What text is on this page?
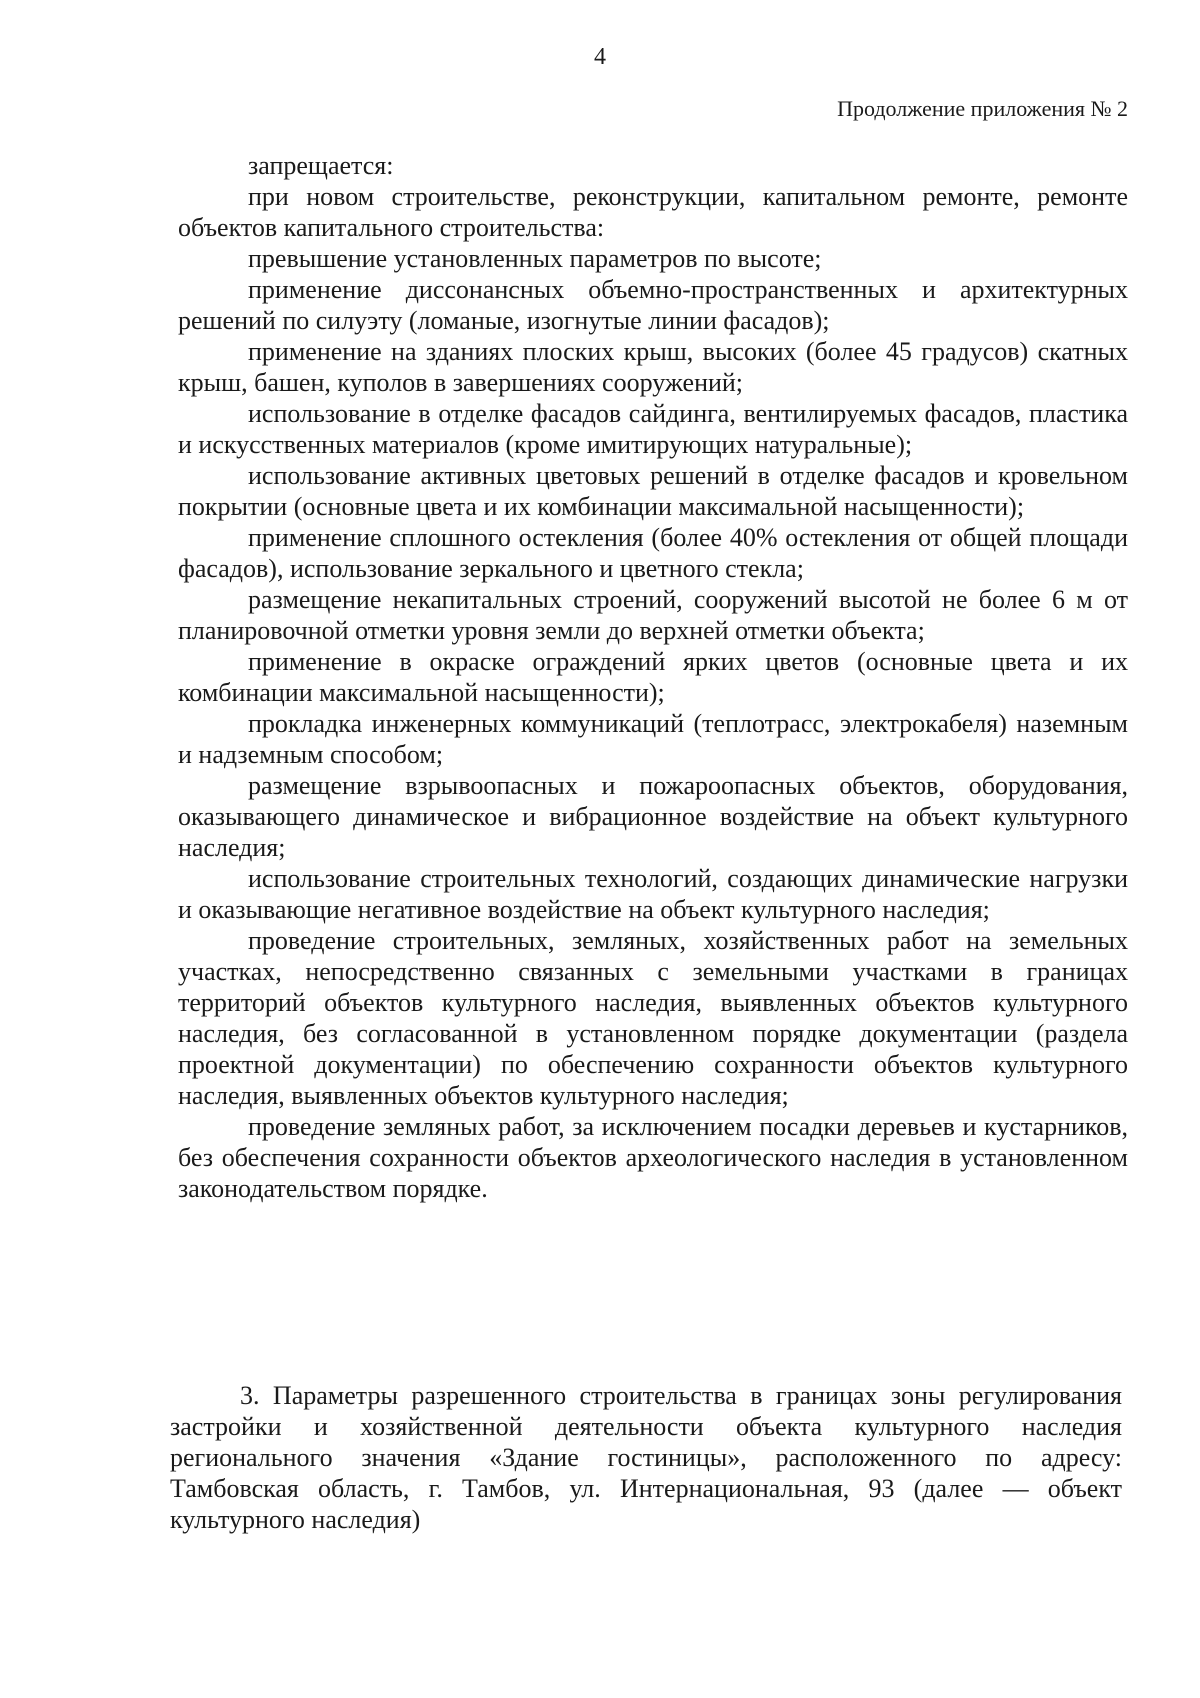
4
Продолжение приложения № 2

запрещается:

при новом строительстве, реконструкции, капитальном ремонте, ремонте объектов капитального строительства:

превышение установленных параметров по высоте;

применение диссонансных объемно-пространственных и архитектурных решений по силуэту (ломаные, изогнутые линии фасадов);

применение на зданиях плоских крыш, высоких (более 45 градусов) скатных крыш, башен, куполов в завершениях сооружений;

использование в отделке фасадов сайдинга, вентилируемых фасадов, пластика и искусственных материалов (кроме имитирующих натуральные);

использование активных цветовых решений в отделке фасадов и кровельном покрытии (основные цвета и их комбинации максимальной насыщенности);

применение сплошного остекления (более 40% остекления от общей площади фасадов), использование зеркального и цветного стекла;

размещение некапитальных строений, сооружений высотой не более 6 м от планировочной отметки уровня земли до верхней отметки объекта;

применение в окраске ограждений ярких цветов (основные цвета и их комбинации максимальной насыщенности);

прокладка инженерных коммуникаций (теплотрасс, электрокабеля) наземным и надземным способом;

размещение взрывоопасных и пожароопасных объектов, оборудования, оказывающего динамическое и вибрационное воздействие на объект культурного наследия;

использование строительных технологий, создающих динамические нагрузки и оказывающие негативное воздействие на объект культурного наследия;

проведение строительных, земляных, хозяйственных работ на земельных участках, непосредственно связанных с земельными участками в границах территорий объектов культурного наследия, выявленных объектов культурного наследия, без согласованной в установленном порядке документации (раздела проектной документации) по обеспечению сохранности объектов культурного наследия, выявленных объектов культурного наследия;

проведение земляных работ, за исключением посадки деревьев и кустарников, без обеспечения сохранности объектов археологического наследия в установленном законодательством порядке.

3. Параметры разрешенного строительства в границах зоны регулирования застройки и хозяйственной деятельности объекта культурного наследия регионального значения «Здание гостиницы», расположенного по адресу: Тамбовская область, г. Тамбов, ул. Интернациональная, 93 (далее — объект культурного наследия)
